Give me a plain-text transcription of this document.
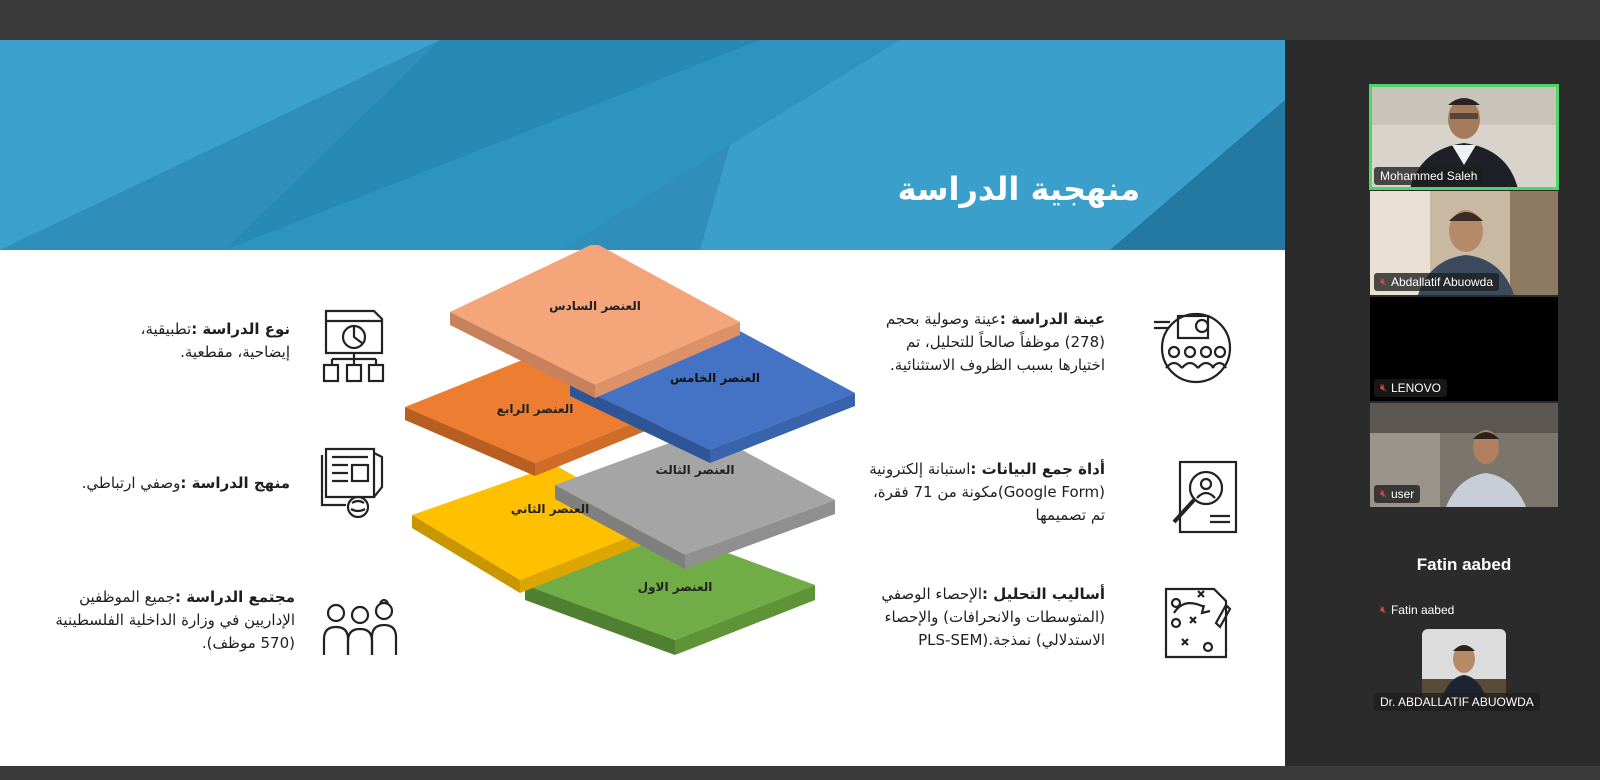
منهجية الدراسة
نوع الدراسة :تطبيقية،
إيضاحية، مقطعية.
منهج الدراسة :وصفي ارتباطي.
مجتمع الدراسة :جميع الموظفين
الإداريين في وزارة الداخلية الفلسطينية
(570 موظف).
العنصر السادس
العنصر الخامس
العنصر الرابع
العنصر الثالث
العنصر الثاني
العنصر الاول
عينة الدراسة :عينة وصولية بحجم
(278) موظفاً صالحاً للتحليل، تم
اختيارها بسبب الظروف الاستثنائية.
أداة جمع البيانات :استبانة إلكترونية
(Google Form)مكونة من 71 فقرة،
تم تصميمها
أساليب التحليل :الإحصاء الوصفي
(المتوسطات والانحرافات) والإحصاء
الاستدلالي) نمذجة.(PLS-SEM
Mohammed Saleh
🔇︎ Abdallatif Abuowda
🔇︎ LENOVO
🔇︎ user
Fatin aabed
🔇︎ Fatin aabed
Dr. ABDALLATIF ABUOWDA
